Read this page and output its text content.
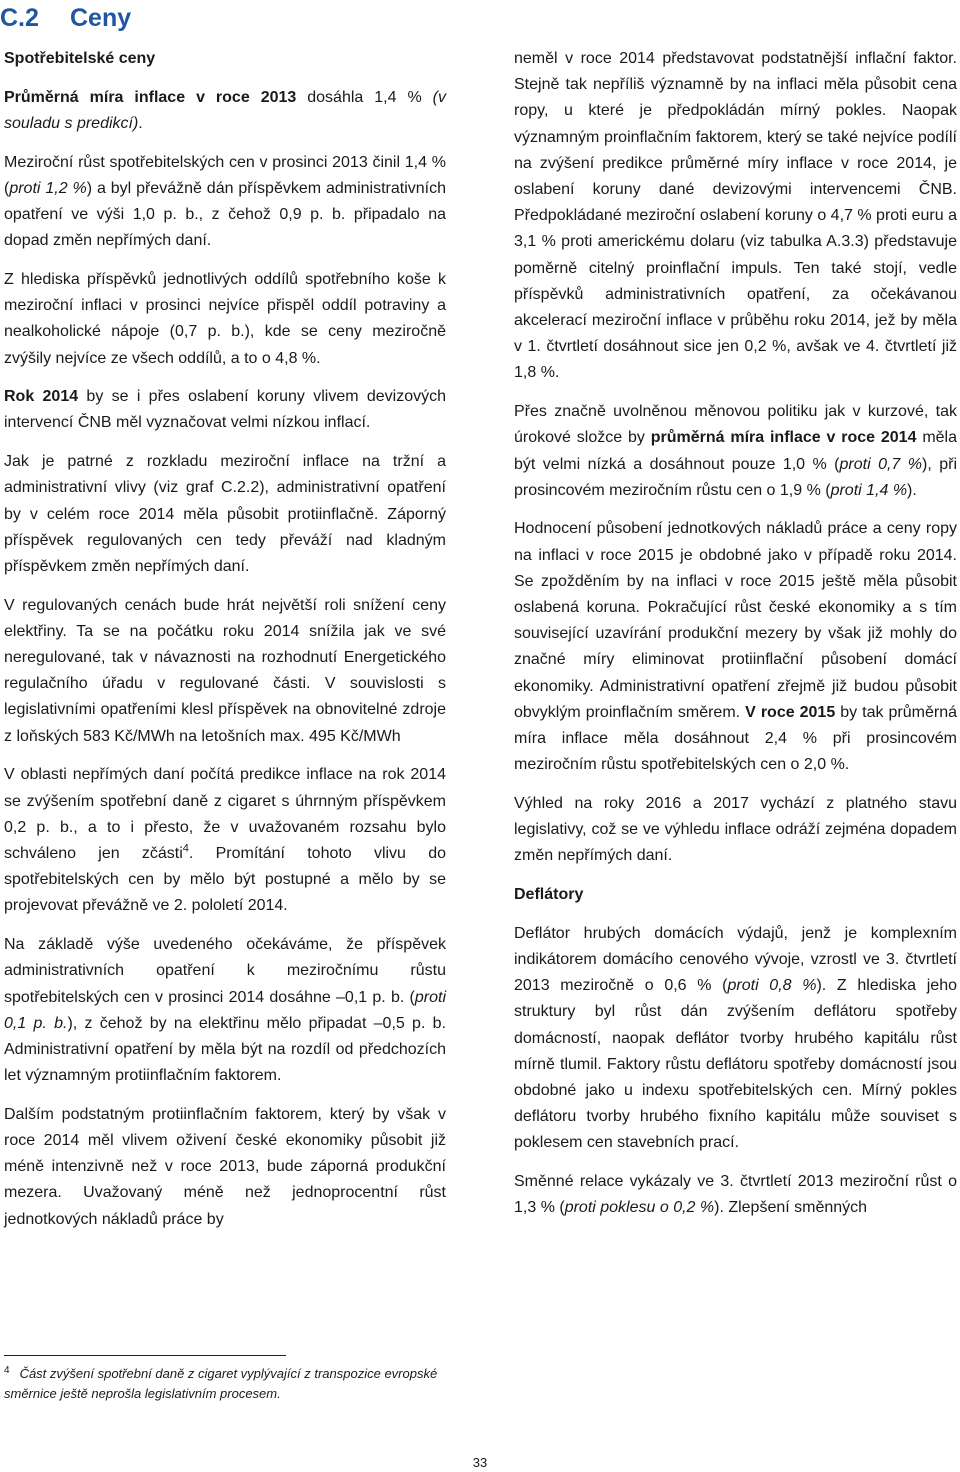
C.2 Ceny

Spotřebitelské ceny

Průměrná míra inflace v roce 2013 dosáhla 1,4 % (v souladu s predikcí).

Meziroční růst spotřebitelských cen v prosinci 2013 činil 1,4 % (proti 1,2 %) a byl převážně dán příspěvkem administrativních opatření ve výši 1,0 p. b., z čehož 0,9 p. b. připadalo na dopad změn nepřímých daní.

Z hlediska příspěvků jednotlivých oddílů spotřebního koše k meziroční inflaci v prosinci nejvíce přispěl oddíl potraviny a nealkoholické nápoje (0,7 p. b.), kde se ceny meziročně zvýšily nejvíce ze všech oddílů, a to o 4,8 %.

Rok 2014 by se i přes oslabení koruny vlivem devizových intervencí ČNB měl vyznačovat velmi nízkou inflací.

Jak je patrné z rozkladu meziroční inflace na tržní a administrativní vlivy (viz graf C.2.2), administrativní opatření by v celém roce 2014 měla působit protiinflačně. Záporný příspěvek regulovaných cen tedy převáží nad kladným příspěvkem změn nepřímých daní.

V regulovaných cenách bude hrát největší roli snížení ceny elektřiny. Ta se na počátku roku 2014 snížila jak ve své neregulované, tak v návaznosti na rozhodnutí Energetického regulačního úřadu v regulované části. V souvislosti s legislativními opatřeními klesl příspěvek na obnovitelné zdroje z loňských 583 Kč/MWh na letošních max. 495 Kč/MWh

V oblasti nepřímých daní počítá predikce inflace na rok 2014 se zvýšením spotřební daně z cigaret s úhrnným příspěvkem 0,2 p. b., a to i přesto, že v uvažovaném rozsahu bylo schváleno jen zčásti$^4$. Promítání tohoto vlivu do spotřebitelských cen by mělo být postupné a mělo by se projevovat převážně ve 2. pololetí 2014.

Na základě výše uvedeného očekáváme, že příspěvek administrativních opatření k meziročnímu růstu spotřebitelských cen v prosinci 2014 dosáhne –0,1 p. b. (proti 0,1 p. b.), z čehož by na elektřinu mělo připadat –0,5 p. b. Administrativní opatření by měla být na rozdíl od předchozích let významným protiinflačním faktorem.

Dalším podstatným protiinflačním faktorem, který by však v roce 2014 měl vlivem oživení české ekonomiky působit již méně intenzivně než v roce 2013, bude záporná produkční mezera. Uvažovaný méně než jednoprocentní růst jednotkových nákladů práce by

neměl v roce 2014 představovat podstatnější inflační faktor. Stejně tak nepříliš významně by na inflaci měla působit cena ropy, u které je předpokládán mírný pokles. Naopak významným proinflačním faktorem, který se také nejvíce podílí na zvýšení predikce průměrné míry inflace v roce 2014, je oslabení koruny dané devizovými intervencemi ČNB. Předpokládané meziroční oslabení koruny o 4,7 % proti euru a 3,1 % proti americkému dolaru (viz tabulka A.3.3) představuje poměrně citelný proinflační impuls. Ten také stojí, vedle příspěvků administrativních opatření, za očekávanou akcelerací meziroční inflace v průběhu roku 2014, jež by měla v 1. čtvrtletí dosáhnout sice jen 0,2 %, avšak ve 4. čtvrtletí již 1,8 %.

Přes značně uvolněnou měnovou politiku jak v kurzové, tak úrokové složce by průměrná míra inflace v roce 2014 měla být velmi nízká a dosáhnout pouze 1,0 % (proti 0,7 %), při prosincovém meziročním růstu cen o 1,9 % (proti 1,4 %).

Hodnocení působení jednotkových nákladů práce a ceny ropy na inflaci v roce 2015 je obdobné jako v případě roku 2014. Se zpožděním by na inflaci v roce 2015 ještě měla působit oslabená koruna. Pokračující růst české ekonomiky a s tím související uzavírání produkční mezery by však již mohly do značné míry eliminovat protiinflační působení domácí ekonomiky. Administrativní opatření zřejmě již budou působit obvyklým proinflačním směrem. V roce 2015 by tak průměrná míra inflace měla dosáhnout 2,4 % při prosincovém meziročním růstu spotřebitelských cen o 2,0 %.

Výhled na roky 2016 a 2017 vychází z platného stavu legislativy, což se ve výhledu inflace odráží zejména dopadem změn nepřímých daní.

Deflátory

Deflátor hrubých domácích výdajů, jenž je komplexním indikátorem domácího cenového vývoje, vzrostl ve 3. čtvrtletí 2013 meziročně o 0,6 % (proti 0,8 %). Z hlediska jeho struktury byl růst dán zvýšením deflátoru spotřeby domácností, naopak deflátor tvorby hrubého kapitálu růst mírně tlumil. Faktory růstu deflátoru spotřeby domácností jsou obdobné jako u indexu spotřebitelských cen. Mírný pokles deflátoru tvorby hrubého fixního kapitálu může souviset s poklesem cen stavebních prací.

Směnné relace vykázaly ve 3. čtvrtletí 2013 meziroční růst o 1,3 % (proti poklesu o 0,2 %). Zlepšení směnných

$^4$ Část zvýšení spotřební daně z cigaret vyplývající z transpozice evropské směrnice ještě neprošla legislativním procesem.
33
